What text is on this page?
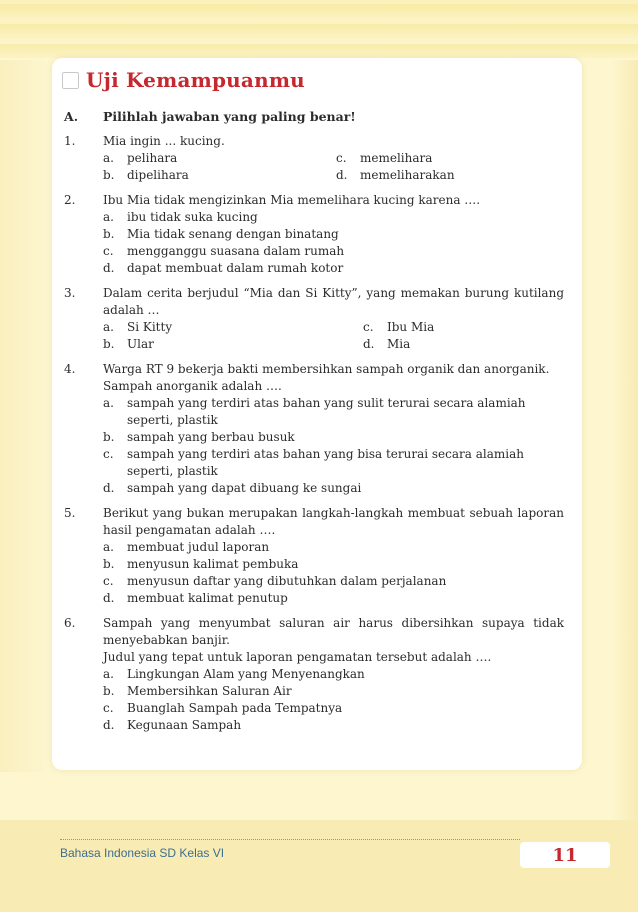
Uji Kemampuanmu
A.	Pilihlah jawaban yang paling benar!
1.	Mia ingin ... kucing.
a.	pelihara	c.	memelihara
b.	dipelihara	d.	memeliharakan
2.	Ibu Mia tidak mengizinkan Mia memelihara kucing karena ….
a.	ibu tidak suka kucing
b.	Mia tidak senang dengan binatang
c.	mengganggu suasana dalam rumah
d.	dapat membuat dalam rumah kotor
3.	Dalam cerita berjudul “Mia dan Si Kitty”, yang memakan burung kutilang adalah …
a.	Si Kitty	c.	Ibu Mia
b.	Ular	d.	Mia
4.	Warga RT 9 bekerja bakti membersihkan sampah organik dan anorganik.
Sampah anorganik adalah ….
a.	sampah yang terdiri atas bahan yang sulit terurai secara alamiah seperti, plastik
b.	sampah yang berbau busuk
c.	sampah yang terdiri atas bahan yang bisa terurai secara alamiah seperti, plastik
d.	sampah yang dapat dibuang ke sungai
5.	Berikut yang bukan merupakan langkah-langkah membuat sebuah laporan hasil pengamatan adalah ….
a.	membuat judul laporan
b.	menyusun kalimat pembuka
c.	menyusun daftar yang dibutuhkan dalam perjalanan
d.	membuat kalimat penutup
6.	Sampah yang menyumbat saluran air harus dibersihkan supaya tidak menyebabkan banjir.
Judul yang tepat untuk laporan pengamatan tersebut adalah ….
a.	Lingkungan Alam yang Menyenangkan
b.	Membersihkan Saluran Air
c.	Buanglah Sampah pada Tempatnya
d.	Kegunaan Sampah
Bahasa Indonesia SD Kelas VI	11
